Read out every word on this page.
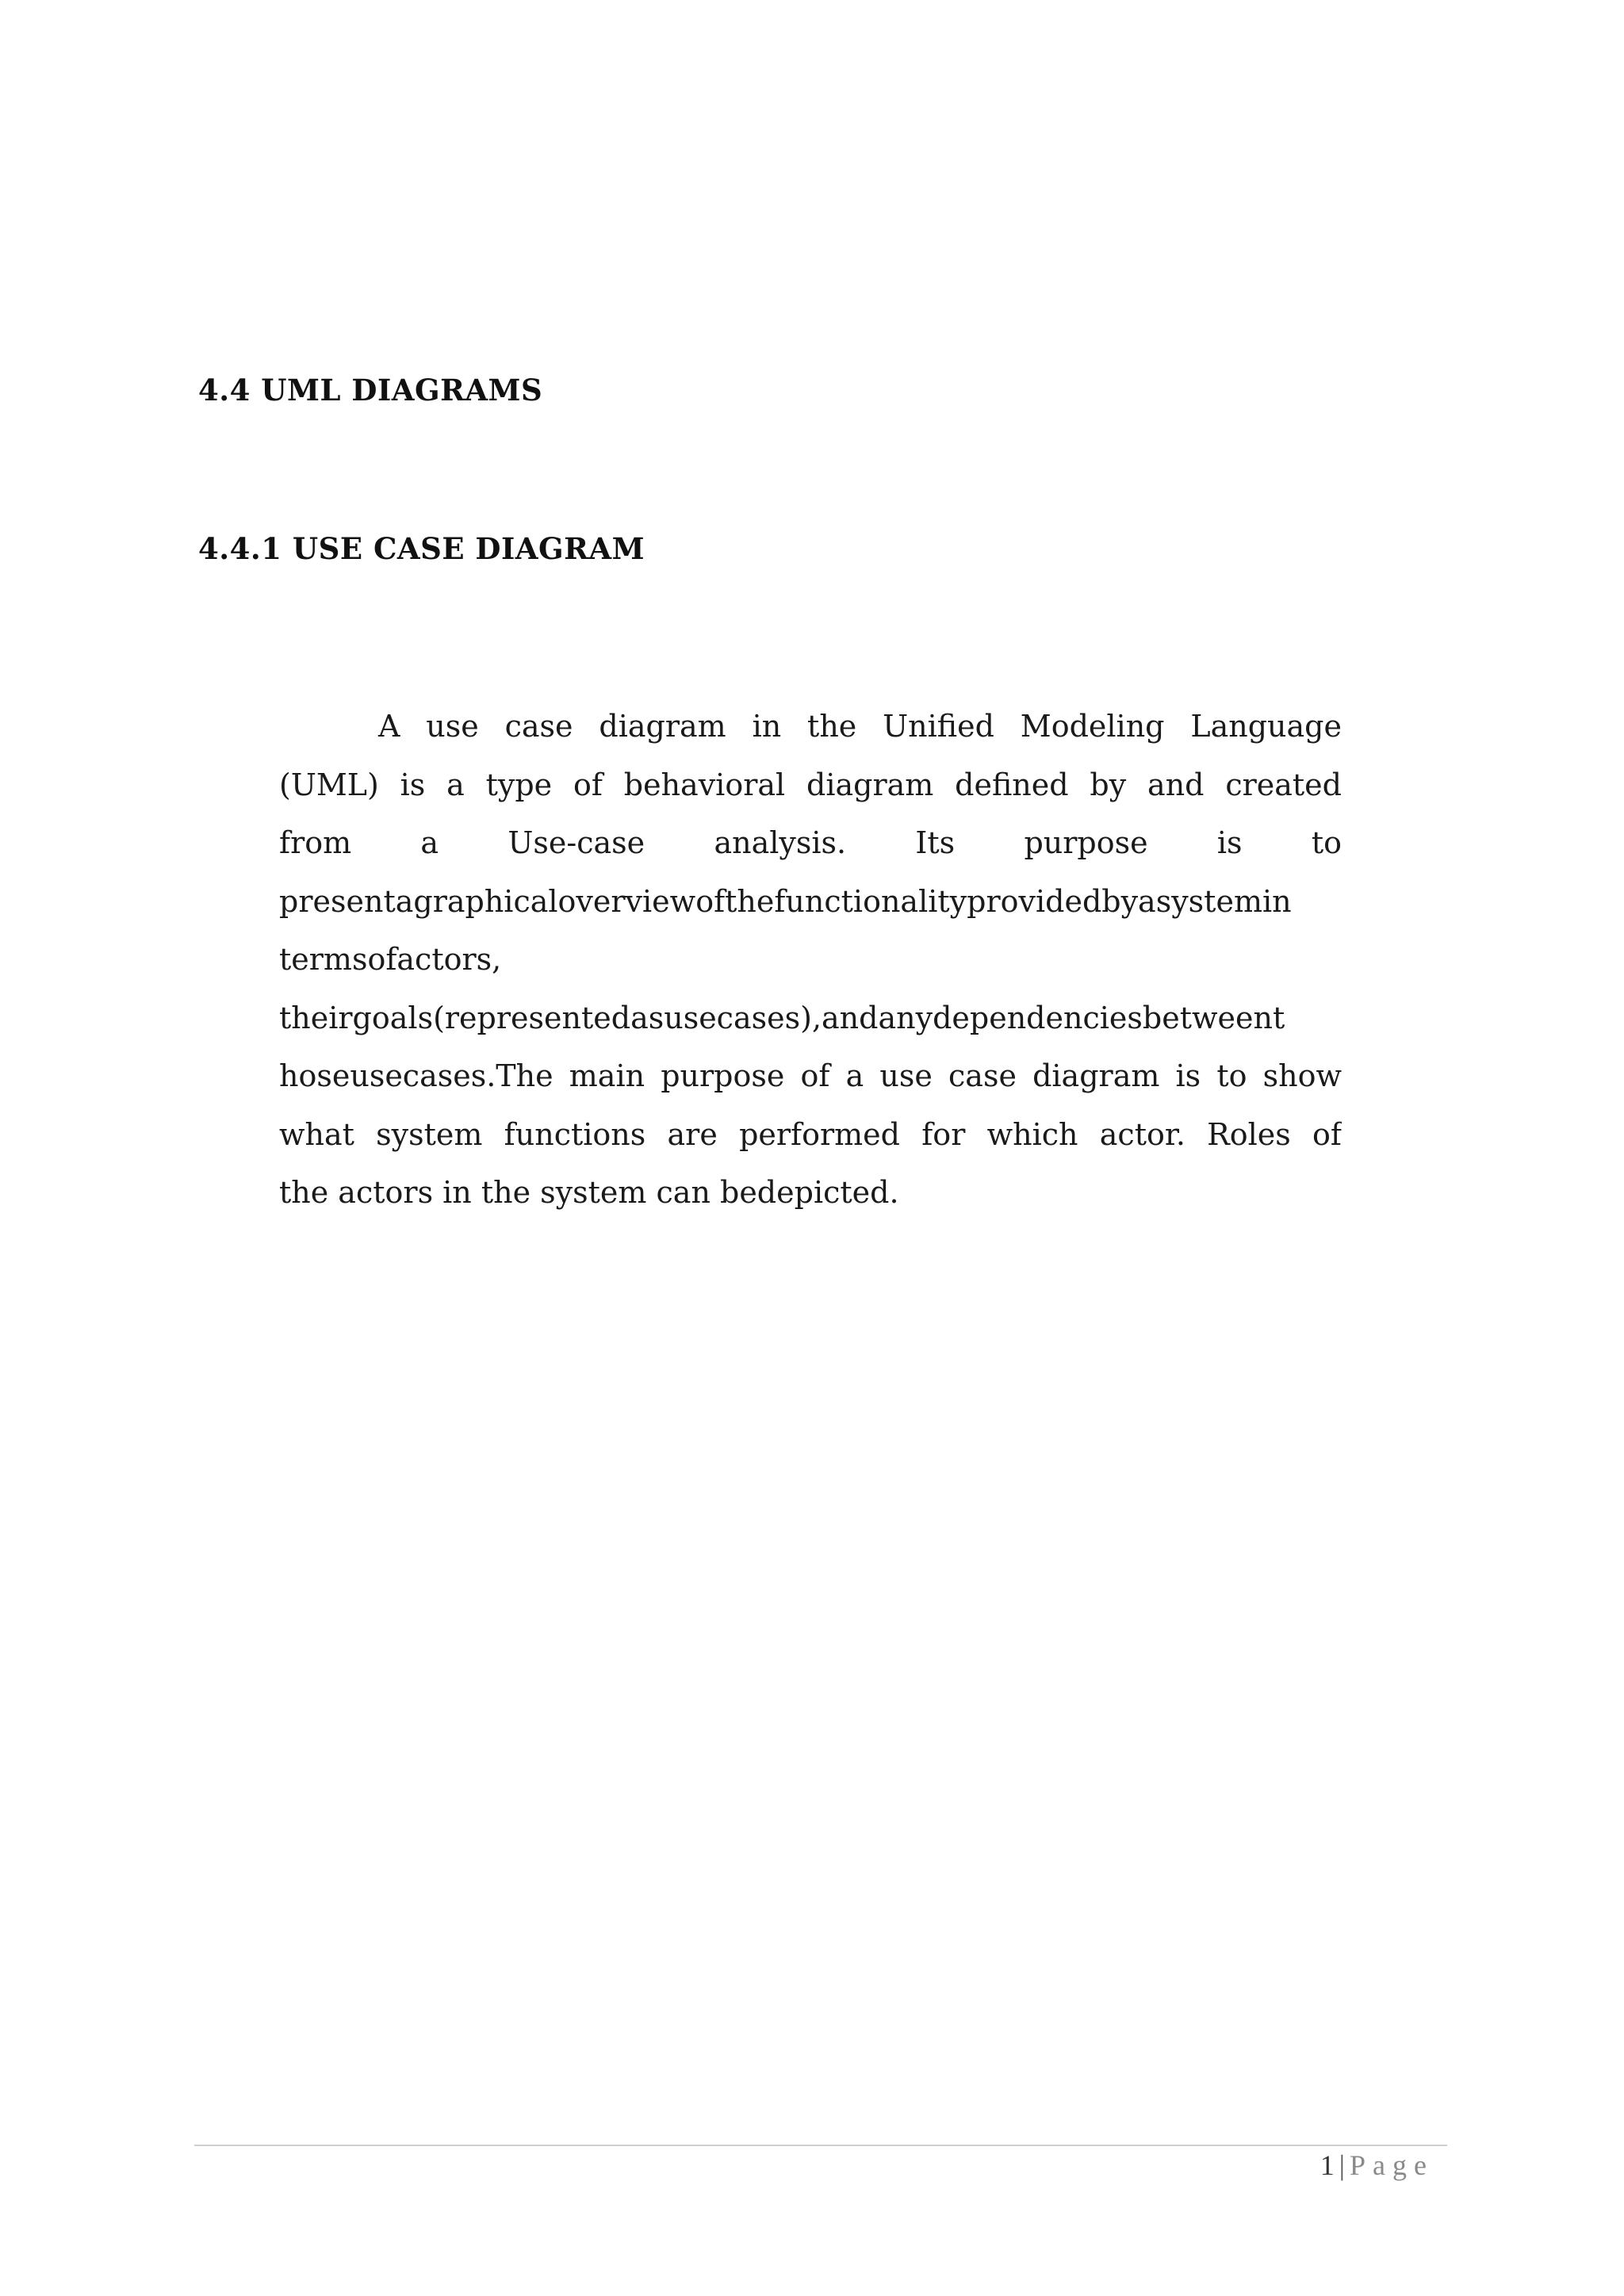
4.4 UML DIAGRAMS
4.4.1 USE CASE DIAGRAM
A use case diagram in the Unified Modeling Language
(UML) is a type of behavioral diagram defined by and created
from a Use-case analysis. Its purpose is to
presentagraphicaloverviewofthefunctionalityprovidedbyasystemin
termsofactors,
theirgoals(representedasusecases),andanydependenciesbetweent
hoseusecases.The main purpose of a use case diagram is to show
what system functions are performed for which actor. Roles of
the actors in the system can bedepicted.
1 | Page
